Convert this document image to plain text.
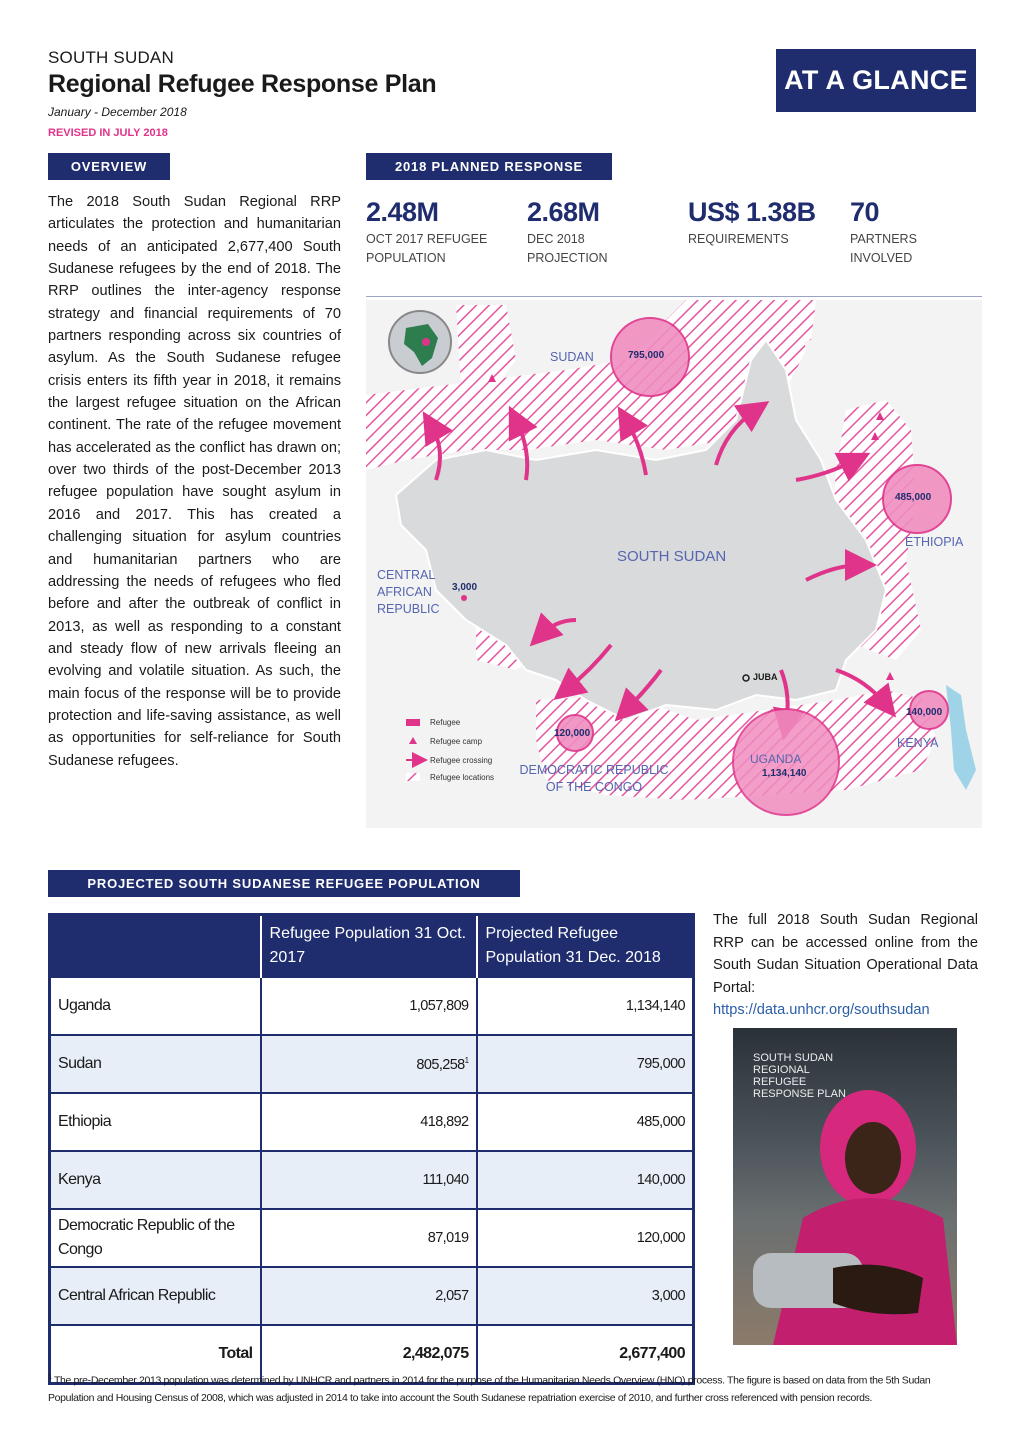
SOUTH SUDAN
Regional Refugee Response Plan
January - December 2018
REVISED IN JULY 2018
AT A GLANCE
OVERVIEW
The 2018 South Sudan Regional RRP articulates the protection and humanitarian needs of an anticipated 2,677,400 South Sudanese refugees by the end of 2018. The RRP outlines the inter-agency response strategy and financial requirements of 70 partners responding across six countries of asylum. As the South Sudanese refugee crisis enters its fifth year in 2018, it remains the largest refugee situation on the African continent. The rate of the refugee movement has accelerated as the conflict has drawn on; over two thirds of the post-December 2013 refugee population have sought asylum in 2016 and 2017. This has created a challenging situation for asylum countries and humanitarian partners who are addressing the needs of refugees who fled before and after the outbreak of conflict in 2013, as well as responding to a constant and steady flow of new arrivals fleeing an evolving and volatile situation. As such, the main focus of the response will be to provide protection and life-saving assistance, as well as opportunities for self-reliance for South Sudanese refugees.
2018 PLANNED RESPONSE
2.48M
OCT 2017 REFUGEE POPULATION
2.68M
DEC 2018 PROJECTION
US$ 1.38B
REQUIREMENTS
70
PARTNERS INVOLVED
SUDAN	795,000
SOUTH SUDAN
CENTRAL AFRICAN REPUBLIC
3,000
485,000
ETHIOPIA
JUBA
140,000
KENYA
120,000
DEMOCRATIC REPUBLIC OF THE CONGO
UGANDA
1,134,140
Refugee
Refugee camp
Refugee crossing
Refugee locations
PROJECTED SOUTH SUDANESE REFUGEE POPULATION
	Refugee Population 31 Oct. 2017	Projected Refugee Population 31 Dec. 2018
Uganda	1,057,809	1,134,140
Sudan	805,258$^1$	795,000
Ethiopia	418,892	485,000
Kenya	111,040	140,000
Democratic Republic of the Congo	87,019	120,000
Central African Republic	2,057	3,000
Total	2,482,075	2,677,400
The full 2018 South Sudan Regional RRP can be accessed online from the South Sudan Situation Operational Data Portal:
https://data.unhcr.org/southsudan
SOUTH SUDAN REGIONAL REFUGEE RESPONSE PLAN
$^1$ The pre-December 2013 population was determined by UNHCR and partners in 2014 for the purpose of the Humanitarian Needs Overview (HNO) process. The figure is based on data from the 5th Sudan Population and Housing Census of 2008, which was adjusted in 2014 to take into account the South Sudanese repatriation exercise of 2010, and further cross referenced with pension records.
